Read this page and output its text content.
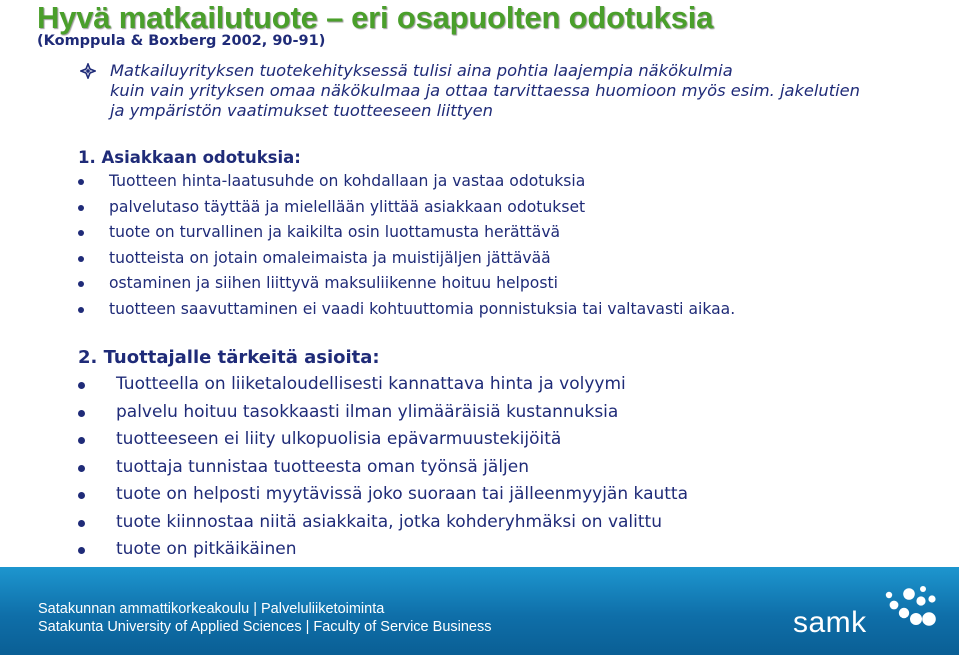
Hyvä matkailutuote – eri osapuolten odotuksia
(Komppula & Boxberg 2002, 90-91)
Matkailuyrityksen tuotekehityksessä tulisi aina pohtia laajempia näkökulmia
kuin vain yrityksen omaa näkökulmaa ja ottaa tarvittaessa huomioon myös esim. jakelutien
ja ympäristön vaatimukset tuotteeseen liittyen
1. Asiakkaan odotuksia:
Tuotteen hinta-laatusuhde on kohdallaan ja vastaa odotuksia
palvelutaso täyttää ja mielellään ylittää asiakkaan odotukset
tuote on turvallinen ja kaikilta osin luottamusta herättävä
tuotteista on jotain omaleimaista ja muistijäljen jättävää
ostaminen ja siihen liittyvä maksuliikenne hoituu helposti
tuotteen saavuttaminen ei vaadi kohtuuttomia ponnistuksia tai valtavasti aikaa.
2. Tuottajalle tärkeitä asioita:
Tuotteella on liiketaloudellisesti kannattava hinta ja volyymi
palvelu hoituu tasokkaasti ilman ylimääräisiä kustannuksia
tuotteeseen ei liity ulkopuolisia epävarmuustekijöitä
tuottaja tunnistaa tuotteesta oman työnsä jäljen
tuote on helposti myytävissä joko suoraan tai jälleenmyyjän kautta
tuote kiinnostaa niitä asiakkaita, jotka kohderyhmäksi on valittu
tuote on pitkäikäinen
Satakunnan ammattikorkeakoulu | Palveluliiketoiminta
Satakunta University of Applied Sciences | Faculty of Service Business	samk
